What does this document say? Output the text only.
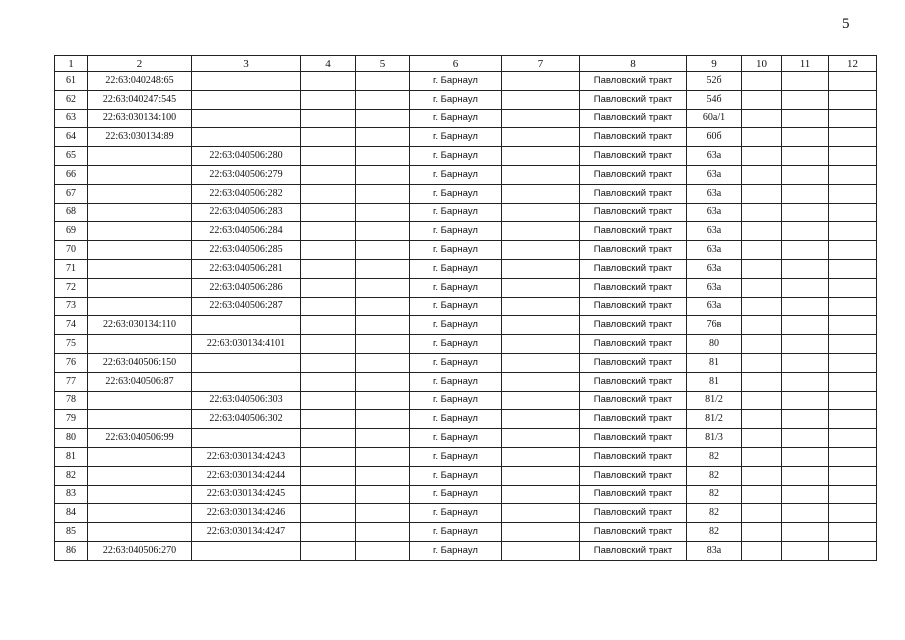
5
1	2	3	4	5	6	7	8	9	10	11	12
61	22:63:040248:65				г. Барнаул		Павловский тракт	52б			
62	22:63:040247:545				г. Барнаул		Павловский тракт	54б			
63	22:63:030134:100				г. Барнаул		Павловский тракт	60а/1			
64	22:63:030134:89				г. Барнаул		Павловский тракт	60б			
65		22:63:040506:280			г. Барнаул		Павловский тракт	63а			
66		22:63:040506:279			г. Барнаул		Павловский тракт	63а			
67		22:63:040506:282			г. Барнаул		Павловский тракт	63а			
68		22:63:040506:283			г. Барнаул		Павловский тракт	63а			
69		22:63:040506:284			г. Барнаул		Павловский тракт	63а			
70		22:63:040506:285			г. Барнаул		Павловский тракт	63а			
71		22:63:040506:281			г. Барнаул		Павловский тракт	63а			
72		22:63:040506:286			г. Барнаул		Павловский тракт	63а			
73		22:63:040506:287			г. Барнаул		Павловский тракт	63а			
74	22:63:030134:110				г. Барнаул		Павловский тракт	76в			
75		22:63:030134:4101			г. Барнаул		Павловский тракт	80			
76	22:63:040506:150				г. Барнаул		Павловский тракт	81			
77	22:63:040506:87				г. Барнаул		Павловский тракт	81			
78		22:63:040506:303			г. Барнаул		Павловский тракт	81/2			
79		22:63:040506:302			г. Барнаул		Павловский тракт	81/2			
80	22:63:040506:99				г. Барнаул		Павловский тракт	81/3			
81		22:63:030134:4243			г. Барнаул		Павловский тракт	82			
82		22:63:030134:4244			г. Барнаул		Павловский тракт	82			
83		22:63:030134:4245			г. Барнаул		Павловский тракт	82			
84		22:63:030134:4246			г. Барнаул		Павловский тракт	82			
85		22:63:030134:4247			г. Барнаул		Павловский тракт	82			
86	22:63:040506:270				г. Барнаул		Павловский тракт	83а			
